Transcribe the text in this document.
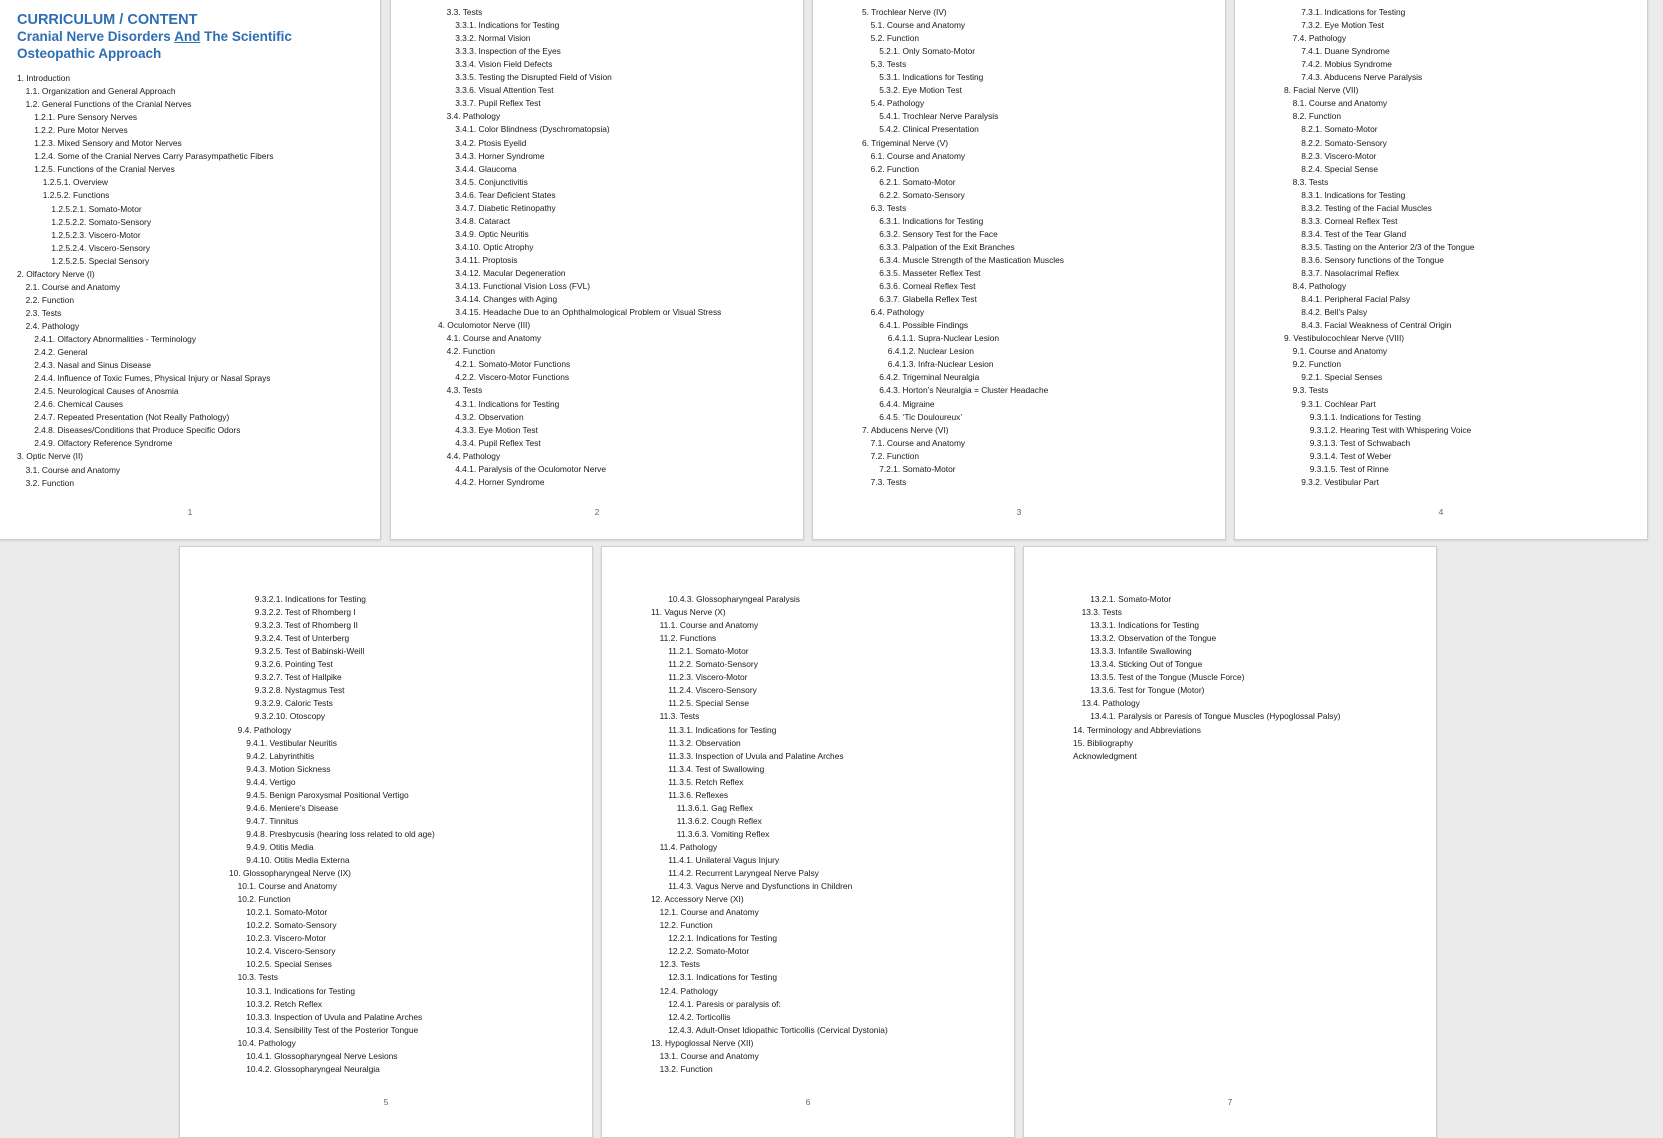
CURRICULUM / CONTENT
Cranial Nerve Disorders And The Scientific Osteopathic Approach
1. Introduction
1.1. Organization and General Approach
1.2. General Functions of the Cranial Nerves
1.2.1. Pure Sensory Nerves
1.2.2. Pure Motor Nerves
1.2.3. Mixed Sensory and Motor Nerves
1.2.4. Some of the Cranial Nerves Carry Parasympathetic Fibers
1.2.5. Functions of the Cranial Nerves
1.2.5.1. Overview
1.2.5.2. Functions
1.2.5.2.1. Somato-Motor
1.2.5.2.2. Somato-Sensory
1.2.5.2.3. Viscero-Motor
1.2.5.2.4. Viscero-Sensory
1.2.5.2.5. Special Sensory
2. Olfactory Nerve (I)
2.1. Course and Anatomy
2.2. Function
2.3. Tests
2.4. Pathology
2.4.1. Olfactory Abnormalities - Terminology
2.4.2. General
2.4.3. Nasal and Sinus Disease
2.4.4. Influence of Toxic Fumes, Physical Injury or Nasal Sprays
2.4.5. Neurological Causes of Anosmia
2.4.6. Chemical Causes
2.4.7. Repeated Presentation (Not Really Pathology)
2.4.8. Diseases/Conditions that Produce Specific Odors
2.4.9. Olfactory Reference Syndrome
3. Optic Nerve (II)
3.1. Course and Anatomy
3.2. Function
1
3.3. Tests
3.3.1. Indications for Testing
3.3.2. Normal Vision
3.3.3. Inspection of the Eyes
3.3.4. Vision Field Defects
3.3.5. Testing the Disrupted Field of Vision
3.3.6. Visual Attention Test
3.3.7. Pupil Reflex Test
3.4. Pathology
3.4.1. Color Blindness (Dyschromatopsia)
3.4.2. Ptosis Eyelid
3.4.3. Horner Syndrome
3.4.4. Glaucoma
3.4.5. Conjunctivitis
3.4.6. Tear Deficient States
3.4.7. Diabetic Retinopathy
3.4.8. Cataract
3.4.9. Optic Neuritis
3.4.10. Optic Atrophy
3.4.11. Proptosis
3.4.12. Macular Degeneration
3.4.13. Functional Vision Loss (FVL)
3.4.14. Changes with Aging
3.4.15. Headache Due to an Ophthalmological Problem or Visual Stress
4. Oculomotor Nerve (III)
4.1. Course and Anatomy
4.2. Function
4.2.1. Somato-Motor Functions
4.2.2. Viscero-Motor Functions
4.3. Tests
4.3.1. Indications for Testing
4.3.2. Observation
4.3.3. Eye Motion Test
4.3.4. Pupil Reflex Test
4.4. Pathology
4.4.1. Paralysis of the Oculomotor Nerve
4.4.2. Horner Syndrome
2
5. Trochlear Nerve (IV)
5.1. Course and Anatomy
5.2. Function
5.2.1. Only Somato-Motor
5.3. Tests
5.3.1. Indications for Testing
5.3.2. Eye Motion Test
5.4. Pathology
5.4.1. Trochlear Nerve Paralysis
5.4.2. Clinical Presentation
6. Trigeminal Nerve (V)
6.1. Course and Anatomy
6.2. Function
6.2.1. Somato-Motor
6.2.2. Somato-Sensory
6.3. Tests
6.3.1. Indications for Testing
6.3.2. Sensory Test for the Face
6.3.3. Palpation of the Exit Branches
6.3.4. Muscle Strength of the Mastication Muscles
6.3.5. Masseter Reflex Test
6.3.6. Corneal Reflex Test
6.3.7. Glabella Reflex Test
6.4. Pathology
6.4.1. Possible Findings
6.4.1.1. Supra-Nuclear Lesion
6.4.1.2. Nuclear Lesion
6.4.1.3. Infra-Nuclear Lesion
6.4.2. Trigeminal Neuralgia
6.4.3. Horton’s Neuralgia = Cluster Headache
6.4.4. Migraine
6.4.5. ‘Tic Douloureux’
7. Abducens Nerve (VI)
7.1. Course and Anatomy
7.2. Function
7.2.1. Somato-Motor
7.3. Tests
3
7.3.1. Indications for Testing
7.3.2. Eye Motion Test
7.4. Pathology
7.4.1. Duane Syndrome
7.4.2. Mobius Syndrome
7.4.3. Abducens Nerve Paralysis
8. Facial Nerve (VII)
8.1. Course and Anatomy
8.2. Function
8.2.1. Somato-Motor
8.2.2. Somato-Sensory
8.2.3. Viscero-Motor
8.2.4. Special Sense
8.3. Tests
8.3.1. Indications for Testing
8.3.2. Testing of the Facial Muscles
8.3.3. Corneal Reflex Test
8.3.4. Test of the Tear Gland
8.3.5. Tasting on the Anterior 2/3 of the Tongue
8.3.6. Sensory functions of the Tongue
8.3.7. Nasolacrimal Reflex
8.4. Pathology
8.4.1. Peripheral Facial Palsy
8.4.2. Bell’s Palsy
8.4.3. Facial Weakness of Central Origin
9. Vestibulocochlear Nerve (VIII)
9.1. Course and Anatomy
9.2. Function
9.2.1. Special Senses
9.3. Tests
9.3.1. Cochlear Part
9.3.1.1. Indications for Testing
9.3.1.2. Hearing Test with Whispering Voice
9.3.1.3. Test of Schwabach
9.3.1.4. Test of Weber
9.3.1.5. Test of Rinne
9.3.2. Vestibular Part
4
9.3.2.1. Indications for Testing
9.3.2.2. Test of Rhomberg I
9.3.2.3. Test of Rhomberg II
9.3.2.4. Test of Unterberg
9.3.2.5. Test of Babinski-Weill
9.3.2.6. Pointing Test
9.3.2.7. Test of Hallpike
9.3.2.8. Nystagmus Test
9.3.2.9. Caloric Tests
9.3.2.10. Otoscopy
9.4. Pathology
9.4.1. Vestibular Neuritis
9.4.2. Labyrinthitis
9.4.3. Motion Sickness
9.4.4. Vertigo
9.4.5. Benign Paroxysmal Positional Vertigo
9.4.6. Meniere’s Disease
9.4.7. Tinnitus
9.4.8. Presbycusis (hearing loss related to old age)
9.4.9. Otitis Media
9.4.10. Otitis Media Externa
10. Glossopharyngeal Nerve (IX)
10.1. Course and Anatomy
10.2. Function
10.2.1. Somato-Motor
10.2.2. Somato-Sensory
10.2.3. Viscero-Motor
10.2.4. Viscero-Sensory
10.2.5. Special Senses
10.3. Tests
10.3.1. Indications for Testing
10.3.2. Retch Reflex
10.3.3. Inspection of Uvula and Palatine Arches
10.3.4. Sensibility Test of the Posterior Tongue
10.4. Pathology
10.4.1. Glossopharyngeal Nerve Lesions
10.4.2. Glossopharyngeal Neuralgia
5
10.4.3. Glossopharyngeal Paralysis
11. Vagus Nerve (X)
11.1. Course and Anatomy
11.2. Functions
11.2.1. Somato-Motor
11.2.2. Somato-Sensory
11.2.3. Viscero-Motor
11.2.4. Viscero-Sensory
11.2.5. Special Sense
11.3. Tests
11.3.1. Indications for Testing
11.3.2. Observation
11.3.3. Inspection of Uvula and Palatine Arches
11.3.4. Test of Swallowing
11.3.5. Retch Reflex
11.3.6. Reflexes
11.3.6.1. Gag Reflex
11.3.6.2. Cough Reflex
11.3.6.3. Vomiting Reflex
11.4. Pathology
11.4.1. Unilateral Vagus Injury
11.4.2. Recurrent Laryngeal Nerve Palsy
11.4.3. Vagus Nerve and Dysfunctions in Children
12. Accessory Nerve (XI)
12.1. Course and Anatomy
12.2. Function
12.2.1. Indications for Testing
12.2.2. Somato-Motor
12.3. Tests
12.3.1. Indications for Testing
12.4. Pathology
12.4.1. Paresis or paralysis of:
12.4.2. Torticollis
12.4.3. Adult-Onset Idiopathic Torticollis (Cervical Dystonia)
13. Hypoglossal Nerve (XII)
13.1. Course and Anatomy
13.2. Function
6
13.2.1. Somato-Motor
13.3. Tests
13.3.1. Indications for Testing
13.3.2. Observation of the Tongue
13.3.3. Infantile Swallowing
13.3.4. Sticking Out of Tongue
13.3.5. Test of the Tongue (Muscle Force)
13.3.6. Test for Tongue (Motor)
13.4. Pathology
13.4.1. Paralysis or Paresis of Tongue Muscles (Hypoglossal Palsy)
14. Terminology and Abbreviations
15. Bibliography
Acknowledgment
7
